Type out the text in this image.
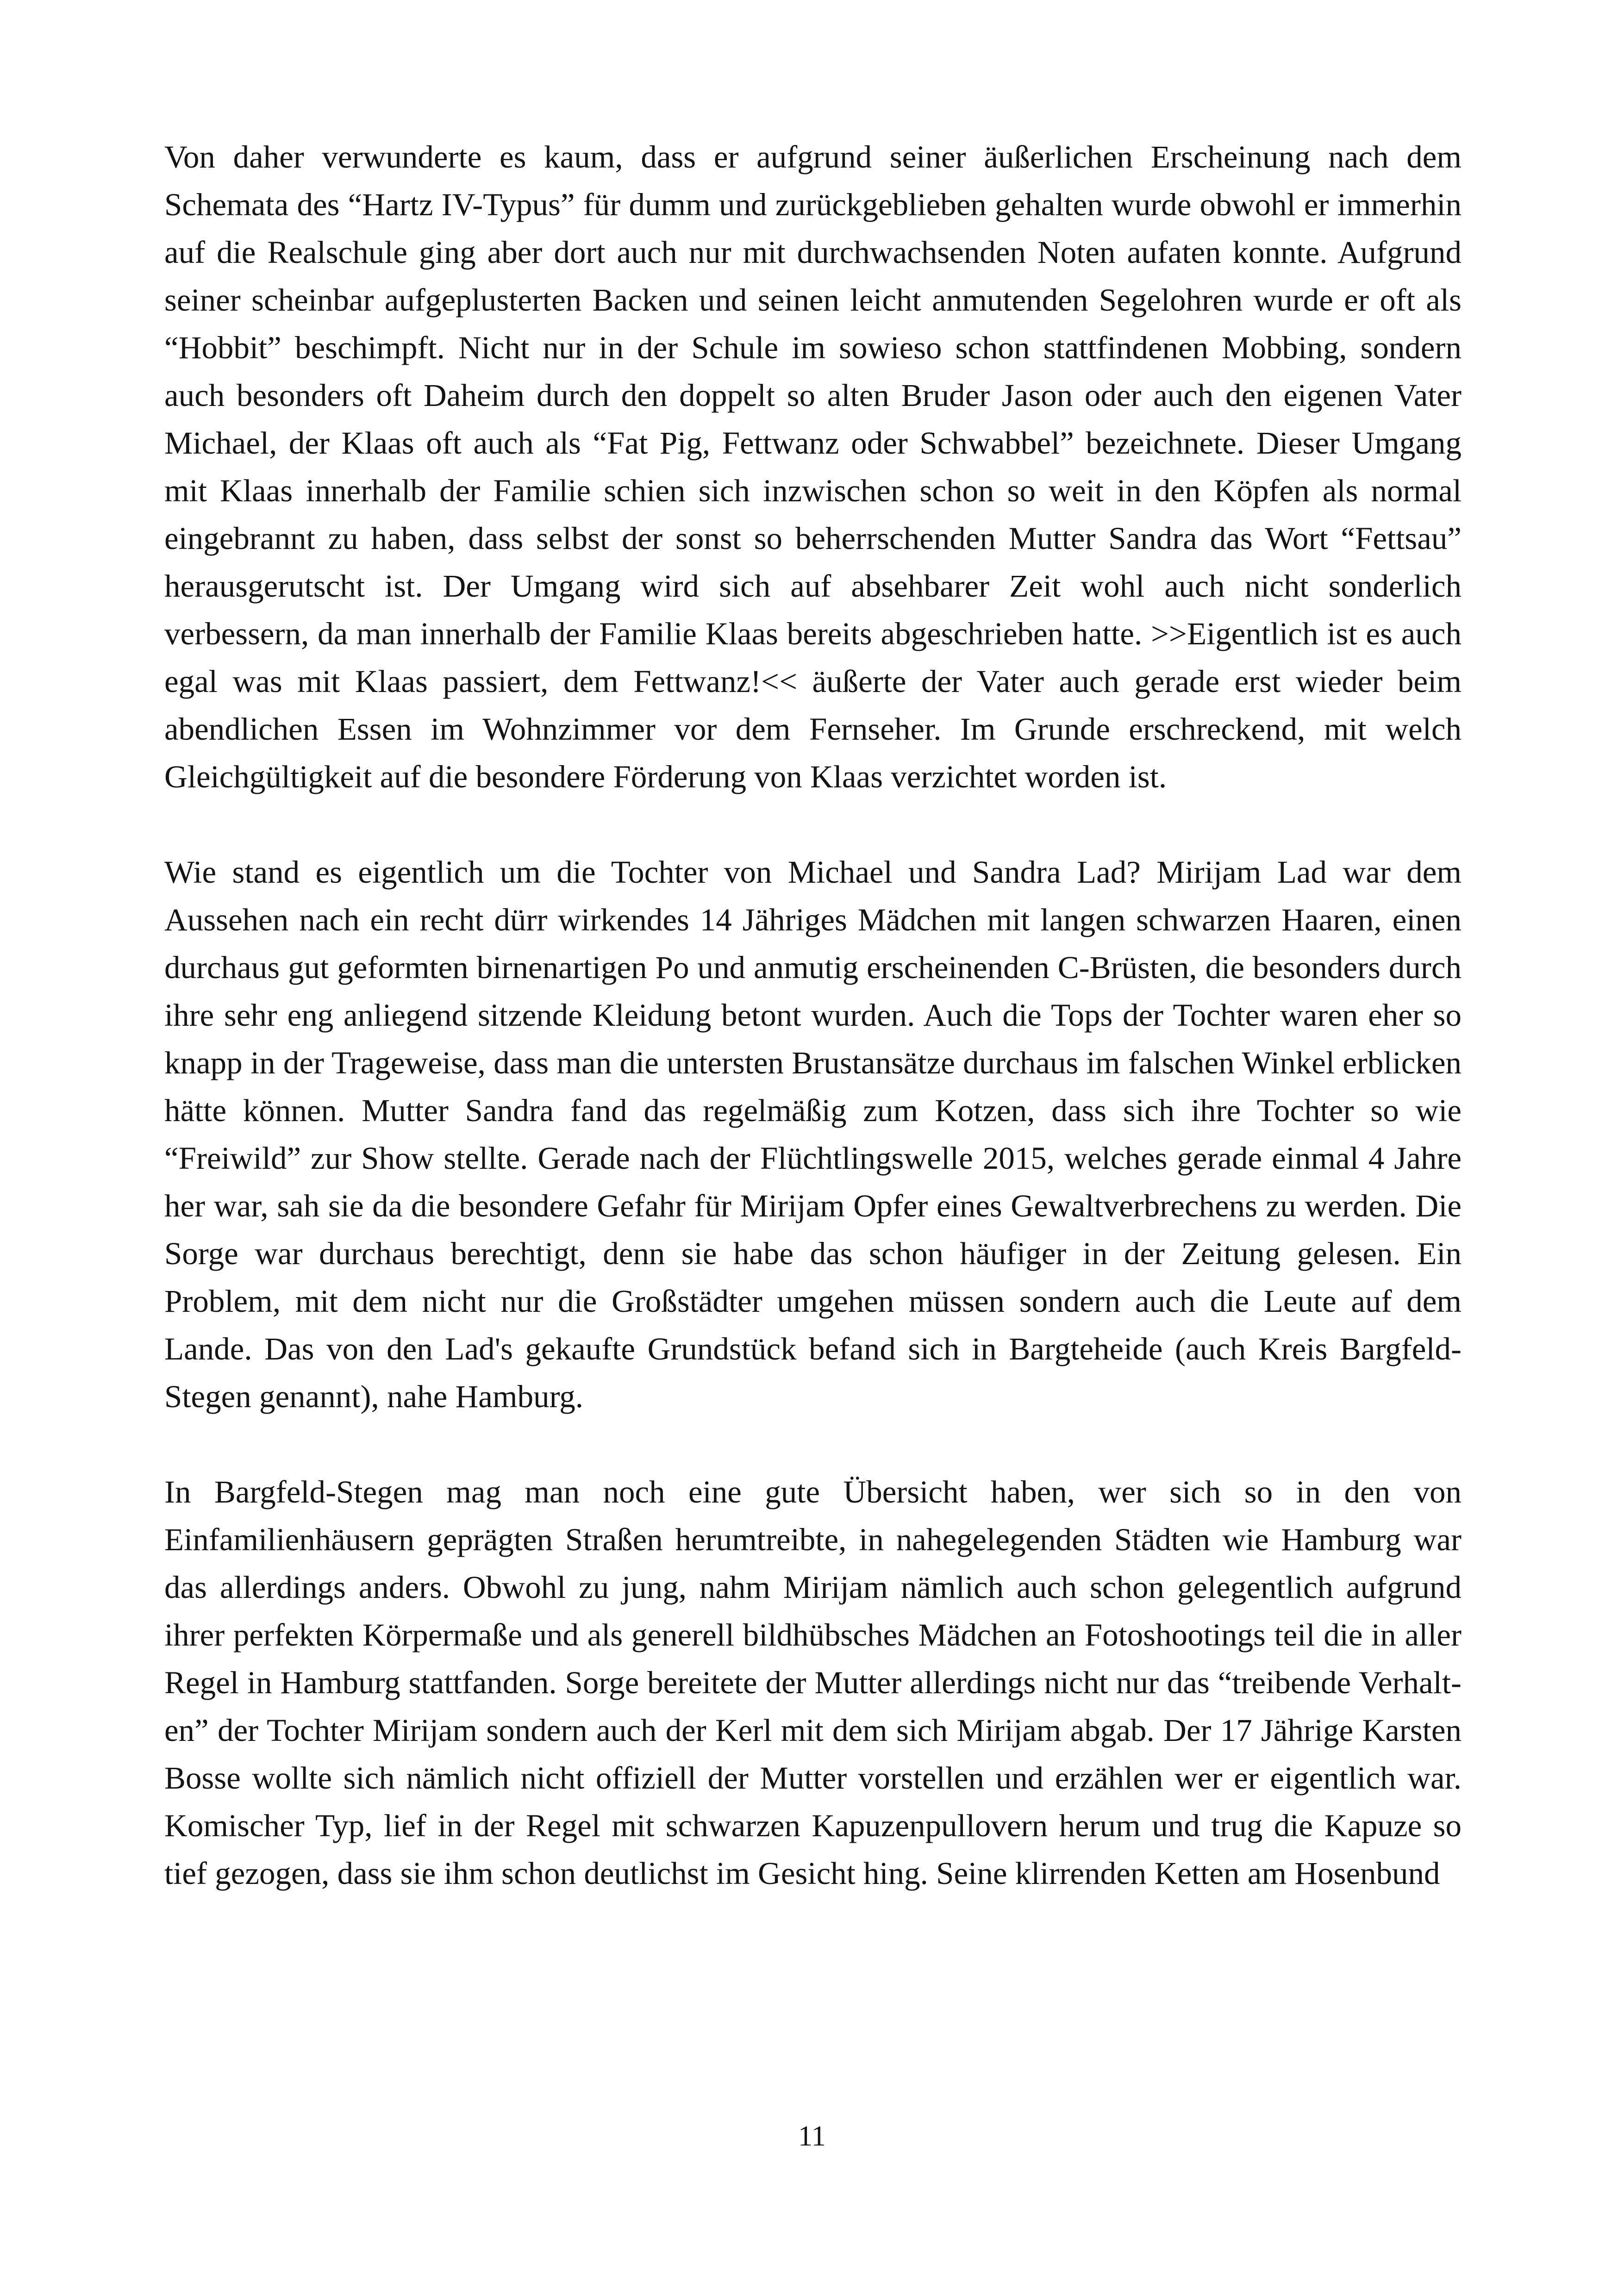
Von daher verwunderte es kaum, dass er aufgrund seiner äußerlichen Erscheinung nach dem Schemata des “Hartz IV-Typus” für dumm und zurückgeblieben gehalten wurde obwohl er immerhin auf die Realschule ging aber dort auch nur mit durchwachsenden Noten aufaten konnte. Aufgrund seiner scheinbar aufgeplusterten Backen und seinen leicht anmutenden Segelohren wurde er oft als “Hobbit” beschimpft. Nicht nur in der Schule im sowieso schon stattfindenen Mobbing, sondern auch besonders oft Daheim durch den doppelt so alten Bruder Jason oder auch den eigenen Vater Michael, der Klaas oft auch als “Fat Pig, Fettwanz oder Schwabbel” bezeichnete. Dieser Umgang mit Klaas innerhalb der Familie schien sich inzwischen schon so weit in den Köpfen als normal eingebrannt zu haben, dass selbst der sonst so beherrschenden Mutter Sandra das Wort “Fettsau” herausgerutscht ist. Der Umgang wird sich auf absehbarer Zeit wohl auch nicht sonderlich verbessern, da man innerhalb der Familie Klaas bereits abgeschrieben hatte. >>Eigentlich ist es auch egal was mit Klaas passiert, dem Fettwanz!<< äußerte der Vater auch gerade erst wieder beim abendlichen Essen im Wohnzimmer vor dem Fernseher. Im Grunde erschreckend, mit welch Gleichgültigkeit auf die besondere Förderung von Klaas verzichtet worden ist.

Wie stand es eigentlich um die Tochter von Michael und Sandra Lad? Mirijam Lad war dem Aussehen nach ein recht dürr wirkendes 14 Jähriges Mädchen mit langen schwarzen Haaren, einen durchaus gut geformten birnenartigen Po und anmutig erscheinenden C-Brüsten, die besonders durch ihre sehr eng anliegend sitzende Kleidung betont wurden. Auch die Tops der Tochter waren eher so knapp in der Trageweise, dass man die untersten Brustansätze durchaus im falschen Winkel erblicken hätte können. Mutter Sandra fand das regelmäßig zum Kotzen, dass sich ihre Tochter so wie “Freiwild” zur Show stellte. Gerade nach der Flüchtlingswelle 2015, welches gerade einmal 4 Jahre her war, sah sie da die besondere Gefahr für Mirijam Opfer eines Gewaltverbrechens zu werden. Die Sorge war durchaus berechtigt, denn sie habe das schon häufiger in der Zeitung gelesen. Ein Problem, mit dem nicht nur die Großstädter umgehen müssen sondern auch die Leute auf dem Lande. Das von den Lad's gekaufte Grundstück befand sich in Bargteheide (auch Kreis Bargfeld-Stegen genannt), nahe Hamburg.

In Bargfeld-Stegen mag man noch eine gute Übersicht haben, wer sich so in den von Einfamilienhäusern geprägten Straßen herumtreibte, in nahegelegenden Städten wie Hamburg war das allerdings anders. Obwohl zu jung, nahm Mirijam nämlich auch schon gelegentlich aufgrund ihrer perfekten Körpermaße und als generell bildhübsches Mädchen an Fotoshootings teil die in aller Regel in Hamburg stattfanden. Sorge bereitete der Mutter allerdings nicht nur das “treibende Verhalten” der Tochter Mirijam sondern auch der Kerl mit dem sich Mirijam abgab. Der 17 Jährige Karsten Bosse wollte sich nämlich nicht offiziell der Mutter vorstellen und erzählen wer er eigentlich war. Komischer Typ, lief in der Regel mit schwarzen Kapuzenpullovern herum und trug die Kapuze so tief gezogen, dass sie ihm schon deutlichst im Gesicht hing. Seine klirrenden Ketten am Hosenbund

11
